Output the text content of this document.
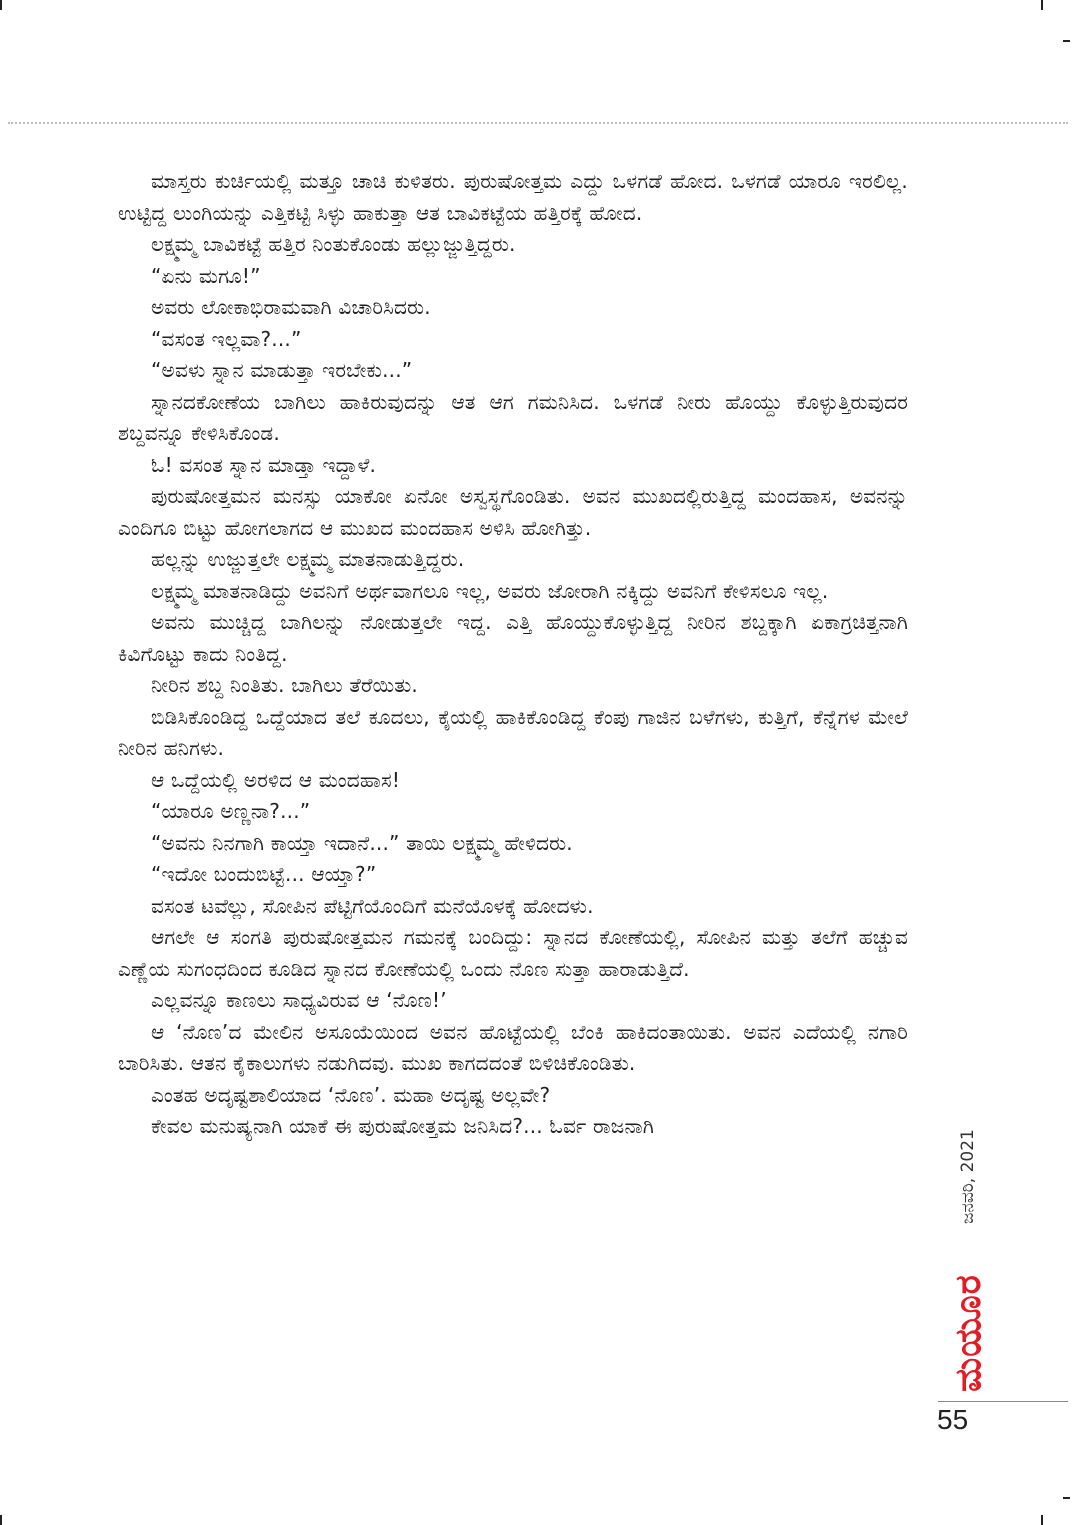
ಮಾಸ್ತರು ಕುರ್ಚಿಯಲ್ಲಿ ಮತ್ತೂ ಚಾಚಿ ಕುಳಿತರು. ಪುರುಷೋತ್ತಮ ಎದ್ದು ಒಳಗಡೆ ಹೋದ. ಒಳಗಡೆ ಯಾರೂ ಇರಲಿಲ್ಲ. ಉಟ್ಟಿದ್ದ ಲುಂಗಿಯನ್ನು ಎತ್ತಿಕಟ್ಟಿ ಸಿಳ್ಳು ಹಾಕುತ್ತಾ ಆತ ಬಾವಿಕಟ್ಟೆಯ ಹತ್ತಿರಕ್ಕೆ ಹೋದ.

ಲಕ್ಷ್ಮಮ್ಮ ಬಾವಿಕಟ್ಟೆ ಹತ್ತಿರ ನಿಂತುಕೊಂಡು ಹಲ್ಲುಜ್ಜುತ್ತಿದ್ದರು.

“ಏನು ಮಗೂ!”

ಅವರು ಲೋಕಾಭಿರಾಮವಾಗಿ ವಿಚಾರಿಸಿದರು.

“ವಸಂತ ಇಲ್ಲವಾ?...”

“ಅವಳು ಸ್ನಾನ ಮಾಡುತ್ತಾ ಇರಬೇಕು...”

ಸ್ನಾನದಕೋಣೆಯ ಬಾಗಿಲು ಹಾಕಿರುವುದನ್ನು ಆತ ಆಗ ಗಮನಿಸಿದ. ಒಳಗಡೆ ನೀರು ಹೊಯ್ದು ಕೊಳ್ಳುತ್ತಿರುವುದರ ಶಬ್ದವನ್ನೂ ಕೇಳಿಸಿಕೊಂಡ.

ಓ! ವಸಂತ ಸ್ನಾನ ಮಾಡ್ತಾ ಇದ್ದಾಳೆ.

ಪುರುಷೋತ್ತಮನ ಮನಸ್ಸು ಯಾಕೋ ಏನೋ ಅಸ್ವಸ್ಥಗೊಂಡಿತು. ಅವನ ಮುಖದಲ್ಲಿರುತ್ತಿದ್ದ ಮಂದಹಾಸ, ಅವನನ್ನು ಎಂದಿಗೂ ಬಿಟ್ಟು ಹೋಗಲಾಗದ ಆ ಮುಖದ ಮಂದಹಾಸ ಅಳಿಸಿ ಹೋಗಿತ್ತು.

ಹಲ್ಲನ್ನು ಉಜ್ಜುತ್ತಲೇ ಲಕ್ಷ್ಮಮ್ಮ ಮಾತನಾಡುತ್ತಿದ್ದರು.

ಲಕ್ಷ್ಮಮ್ಮ ಮಾತನಾಡಿದ್ದು ಅವನಿಗೆ ಅರ್ಥವಾಗಲೂ ಇಲ್ಲ, ಅವರು ಜೋರಾಗಿ ನಕ್ಕಿದ್ದು ಅವನಿಗೆ ಕೇಳಿಸಲೂ ಇಲ್ಲ.

ಅವನು ಮುಚ್ಚಿದ್ದ ಬಾಗಿಲನ್ನು ನೋಡುತ್ತಲೇ ಇದ್ದ. ಎತ್ತಿ ಹೊಯ್ದುಕೊಳ್ಳುತ್ತಿದ್ದ ನೀರಿನ ಶಬ್ದಕ್ಕಾಗಿ ಏಕಾಗ್ರಚಿತ್ತನಾಗಿ ಕಿವಿಗೊಟ್ಟು ಕಾದು ನಿಂತಿದ್ದ.

ನೀರಿನ ಶಬ್ದ ನಿಂತಿತು. ಬಾಗಿಲು ತೆರೆಯಿತು.

ಬಿಡಿಸಿಕೊಂಡಿದ್ದ ಒದ್ದೆಯಾದ ತಲೆ ಕೂದಲು, ಕೈಯಲ್ಲಿ ಹಾಕಿಕೊಂಡಿದ್ದ ಕೆಂಪು ಗಾಜಿನ ಬಳೆಗಳು, ಕುತ್ತಿಗೆ, ಕೆನ್ನೆಗಳ ಮೇಲೆ ನೀರಿನ ಹನಿಗಳು.

ಆ ಒದ್ದೆಯಲ್ಲಿ ಅರಳಿದ ಆ ಮಂದಹಾಸ!

“ಯಾರೂ ಅಣ್ಣನಾ?...”

“ಅವನು ನಿನಗಾಗಿ ಕಾಯ್ತಾ ಇದಾನೆ...” ತಾಯಿ ಲಕ್ಷ್ಮಮ್ಮ ಹೇಳಿದರು.

“ಇದೋ ಬಂದುಬಿಟ್ಟೆ... ಆಯ್ತಾ?”

ವಸಂತ ಟವೆಲ್ಲು, ಸೋಪಿನ ಪೆಟ್ಟಿಗೆಯೊಂದಿಗೆ ಮನೆಯೊಳಕ್ಕೆ ಹೋದಳು.

ಆಗಲೇ ಆ ಸಂಗತಿ ಪುರುಷೋತ್ತಮನ ಗಮನಕ್ಕೆ ಬಂದಿದ್ದು: ಸ್ನಾನದ ಕೋಣೆಯಲ್ಲಿ, ಸೋಪಿನ ಮತ್ತು ತಲೆಗೆ ಹಚ್ಚುವ ಎಣ್ಣೆಯ ಸುಗಂಧದಿಂದ ಕೂಡಿದ ಸ್ನಾನದ ಕೋಣೆಯಲ್ಲಿ ಒಂದು ನೊಣ ಸುತ್ತಾ ಹಾರಾಡುತ್ತಿದೆ.

ಎಲ್ಲವನ್ನೂ ಕಾಣಲು ಸಾಧ್ಯವಿರುವ ಆ ‘ನೊಣ!’

ಆ ‘ನೊಣ’ದ ಮೇಲಿನ ಅಸೂಯೆಯಿಂದ ಅವನ ಹೊಟ್ಟೆಯಲ್ಲಿ ಬೆಂಕಿ ಹಾಕಿದಂತಾಯಿತು. ಅವನ ಎದೆಯಲ್ಲಿ ನಗಾರಿ ಬಾರಿಸಿತು. ಆತನ ಕೈಕಾಲುಗಳು ನಡುಗಿದವು. ಮುಖ ಕಾಗದದಂತೆ ಬಿಳಿಚಿಕೊಂಡಿತು.

ಎಂತಹ ಅದೃಷ್ಟಶಾಲಿಯಾದ ‘ನೊಣ’. ಮಹಾ ಅದೃಷ್ಟ ಅಲ್ಲವೇ?

ಕೇವಲ ಮನುಷ್ಯನಾಗಿ ಯಾಕೆ ಈ ಪುರುಷೋತ್ತಮ ಜನಿಸಿದ?... ಓರ್ವ ರಾಜನಾಗಿ

ಜನವರಿ, 2021
ಮಯೂರ
55
